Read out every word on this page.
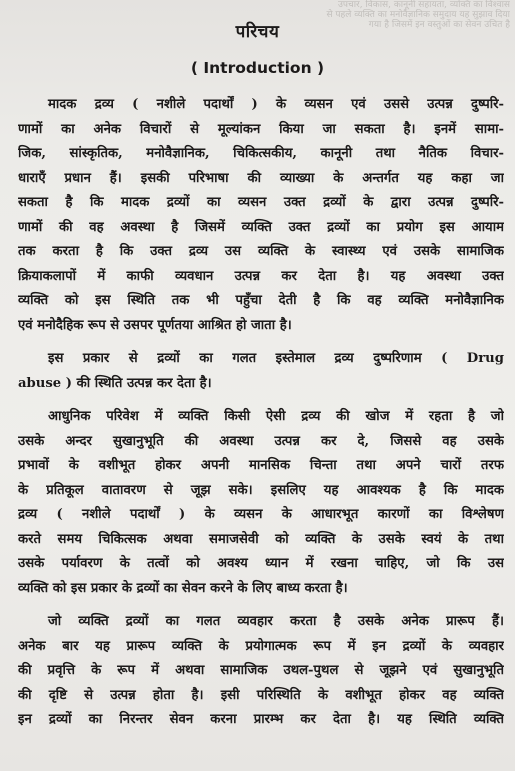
उपचार, विकास, कानूनी सहायता, व्यक्ति का विश्वास
से पहले व्यक्ति का मनोवैज्ञानिक समुदाय यह सुझाव दिया
गया है जिसमें इन वस्तुओं का सेवन उचित है
परिचय
( Introduction )
मादक द्रव्य ( नशीले पदार्थों ) के व्यसन एवं उससे उत्पन्न दुष्परि-
णामों का अनेक विचारों से मूल्यांकन किया जा सकता है। इनमें सामा-
जिक, सांस्कृतिक, मनोवैज्ञानिक, चिकित्सकीय, कानूनी तथा नैतिक विचार-
धाराएँ प्रधान हैं। इसकी परिभाषा की व्याख्या के अन्तर्गत यह कहा जा
सकता है कि मादक द्रव्यों का व्यसन उक्त द्रव्यों के द्वारा उत्पन्न दुष्परि-
णामों की वह अवस्था है जिसमें व्यक्ति उक्त द्रव्यों का प्रयोग इस आयाम
तक करता है कि उक्त द्रव्य उस व्यक्ति के स्वास्थ्य एवं उसके सामाजिक
क्रियाकलापों में काफी व्यवधान उत्पन्न कर देता है। यह अवस्था उक्त
व्यक्ति को इस स्थिति तक भी पहुँचा देती है कि वह व्यक्ति मनोवैज्ञानिक
एवं मनोदैहिक रूप से उसपर पूर्णतया आश्रित हो जाता है।
इस प्रकार से द्रव्यों का गलत इस्तेमाल द्रव्य दुष्परिणाम ( Drug
abuse ) की स्थिति उत्पन्न कर देता है।
आधुनिक परिवेश में व्यक्ति किसी ऐसी द्रव्य की खोज में रहता है जो
उसके अन्दर सुखानुभूति की अवस्था उत्पन्न कर दे, जिससे वह उसके
प्रभावों के वशीभूत होकर अपनी मानसिक चिन्ता तथा अपने चारों तरफ
के प्रतिकूल वातावरण से जूझ सके। इसलिए यह आवश्यक है कि मादक
द्रव्य ( नशीले पदार्थों ) के व्यसन के आधारभूत कारणों का विश्लेषण
करते समय चिकित्सक अथवा समाजसेवी को व्यक्ति के उसके स्वयं के तथा
उसके पर्यावरण के तत्वों को अवश्य ध्यान में रखना चाहिए, जो कि उस
व्यक्ति को इस प्रकार के द्रव्यों का सेवन करने के लिए बाध्य करता है।
जो व्यक्ति द्रव्यों का गलत व्यवहार करता है उसके अनेक प्रारूप हैं।
अनेक बार यह प्रारूप व्यक्ति के प्रयोगात्मक रूप में इन द्रव्यों के व्यवहार
की प्रवृत्ति के रूप में अथवा सामाजिक उथल-पुथल से जूझने एवं सुखानुभूति
की दृष्टि से उत्पन्न होता है। इसी परिस्थिति के वशीभूत होकर वह व्यक्ति
इन द्रव्यों का निरन्तर सेवन करना प्रारम्भ कर देता है। यह स्थिति व्यक्ति
